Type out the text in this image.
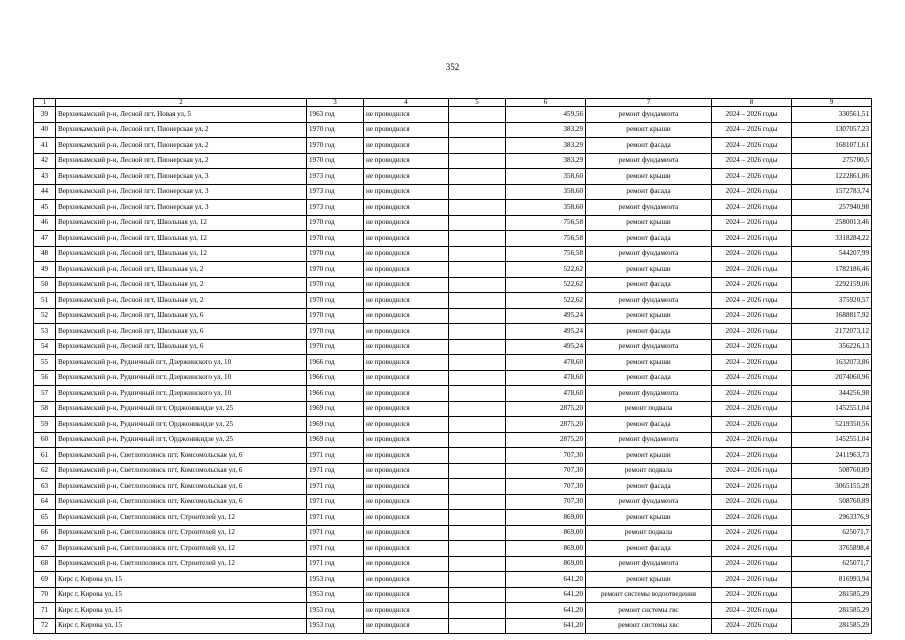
352
1	2	3	4	5	6	7	8	9
39	Верхнекамский р-н, Лесной пгт, Новая ул, 5	1963 год	не проводился		459,56	ремонт фундамента	2024 – 2026 годы	330561,51
40	Верхнекамский р-н, Лесной пгт, Пионерская ул, 2	1970 год	не проводился		383,29	ремонт крыши	2024 – 2026 годы	1307057,23
41	Верхнекамский р-н, Лесной пгт, Пионерская ул, 2	1970 год	не проводился		383,29	ремонт фасада	2024 – 2026 годы	1681071,61
42	Верхнекамский р-н, Лесной пгт, Пионерская ул, 2	1970 год	не проводился		383,29	ремонт фундамента	2024 – 2026 годы	275700,5
43	Верхнекамский р-н, Лесной пгт, Пионерская ул, 3	1973 год	не проводился		358,60	ремонт крыши	2024 – 2026 годы	1222861,86
44	Верхнекамский р-н, Лесной пгт, Пионерская ул, 3	1973 год	не проводился		358,60	ремонт фасада	2024 – 2026 годы	1572783,74
45	Верхнекамский р-н, Лесной пгт, Пионерская ул, 3	1973 год	не проводился		358,60	ремонт фундамента	2024 – 2026 годы	257940,98
46	Верхнекамский р-н, Лесной пгт, Школьная ул, 12	1970 год	не проводился		756,58	ремонт крыши	2024 – 2026 годы	2580013,46
47	Верхнекамский р-н, Лесной пгт, Школьная ул, 12	1970 год	не проводился		756,58	ремонт фасада	2024 – 2026 годы	3318284,22
48	Верхнекамский р-н, Лесной пгт, Школьная ул, 12	1970 год	не проводился		756,58	ремонт фундамента	2024 – 2026 годы	544207,99
49	Верхнекамский р-н, Лесной пгт, Школьная ул, 2	1970 год	не проводился		522,62	ремонт крыши	2024 – 2026 годы	1782186,46
50	Верхнекамский р-н, Лесной пгт, Школьная ул, 2	1970 год	не проводился		522,62	ремонт фасада	2024 – 2026 годы	2292159,06
51	Верхнекамский р-н, Лесной пгт, Школьная ул, 2	1970 год	не проводился		522,62	ремонт фундамента	2024 – 2026 годы	375920,57
52	Верхнекамский р-н, Лесной пгт, Школьная ул, 6	1970 год	не проводился		495,24	ремонт крыши	2024 – 2026 годы	1688817,92
53	Верхнекамский р-н, Лесной пгт, Школьная ул, 6	1970 год	не проводился		495,24	ремонт фасада	2024 – 2026 годы	2172073,12
54	Верхнекамский р-н, Лесной пгт, Школьная ул, 6	1970 год	не проводился		495,24	ремонт фундамента	2024 – 2026 годы	356226,13
55	Верхнекамский р-н, Рудничный пгт, Дзержинского ул, 10	1966 год	не проводился		478,60	ремонт крыши	2024 – 2026 годы	1632073,86
56	Верхнекамский р-н, Рудничный пгт, Дзержинского ул, 10	1966 год	не проводился		478,60	ремонт фасада	2024 – 2026 годы	2074060,96
57	Верхнекамский р-н, Рудничный пгт, Дзержинского ул, 10	1966 год	не проводился		478,60	ремонт фундамента	2024 – 2026 годы	344256,98
58	Верхнекамский р-н, Рудничный пгт, Орджоникидзе ул, 25	1969 год	не проводился		2875,20	ремонт подвала	2024 – 2026 годы	1452551,04
59	Верхнекамский р-н, Рудничный пгт, Орджоникидзе ул, 25	1969 год	не проводился		2875,20	ремонт фасада	2024 – 2026 годы	5219350,56
60	Верхнекамский р-н, Рудничный пгт, Орджоникидзе ул, 25	1969 год	не проводился		2875,20	ремонт фундамента	2024 – 2026 годы	1452551,04
61	Верхнекамский р-н, Светлополянск пгт, Комсомольская ул, 6	1971 год	не проводился		707,30	ремонт крыши	2024 – 2026 годы	2411963,73
62	Верхнекамский р-н, Светлополянск пгт, Комсомольская ул, 6	1971 год	не проводился		707,30	ремонт подвала	2024 – 2026 годы	508760,89
63	Верхнекамский р-н, Светлополянск пгт, Комсомольская ул, 6	1971 год	не проводился		707,30	ремонт фасада	2024 – 2026 годы	3065155,28
64	Верхнекамский р-н, Светлополянск пгт, Комсомольская ул, 6	1971 год	не проводился		707,30	ремонт фундамента	2024 – 2026 годы	508760,89
65	Верхнекамский р-н, Светлополянск пгт, Строителей ул, 12	1971 год	не проводился		869,00	ремонт крыши	2024 – 2026 годы	2963376,9
66	Верхнекамский р-н, Светлополянск пгт, Строителей ул, 12	1971 год	не проводился		869,00	ремонт подвала	2024 – 2026 годы	625071,7
67	Верхнекамский р-н, Светлополянск пгт, Строителей ул, 12	1971 год	не проводился		869,00	ремонт фасада	2024 – 2026 годы	3765898,4
68	Верхнекамский р-н, Светлополянск пгт, Строителей ул, 12	1971 год	не проводился		869,00	ремонт фундамента	2024 – 2026 годы	625071,7
69	Кирс г, Кирова ул, 15	1953 год	не проводился		641,20	ремонт крыши	2024 – 2026 годы	816993,94
70	Кирс г, Кирова ул, 15	1953 год	не проводился		641,20	ремонт системы водоотведения	2024 – 2026 годы	281585,29
71	Кирс г, Кирова ул, 15	1953 год	не проводился		641,20	ремонт системы гвс	2024 – 2026 годы	281585,29
72	Кирс г, Кирова ул, 15	1953 год	не проводился		641,20	ремонт системы хвс	2024 – 2026 годы	281585,29
